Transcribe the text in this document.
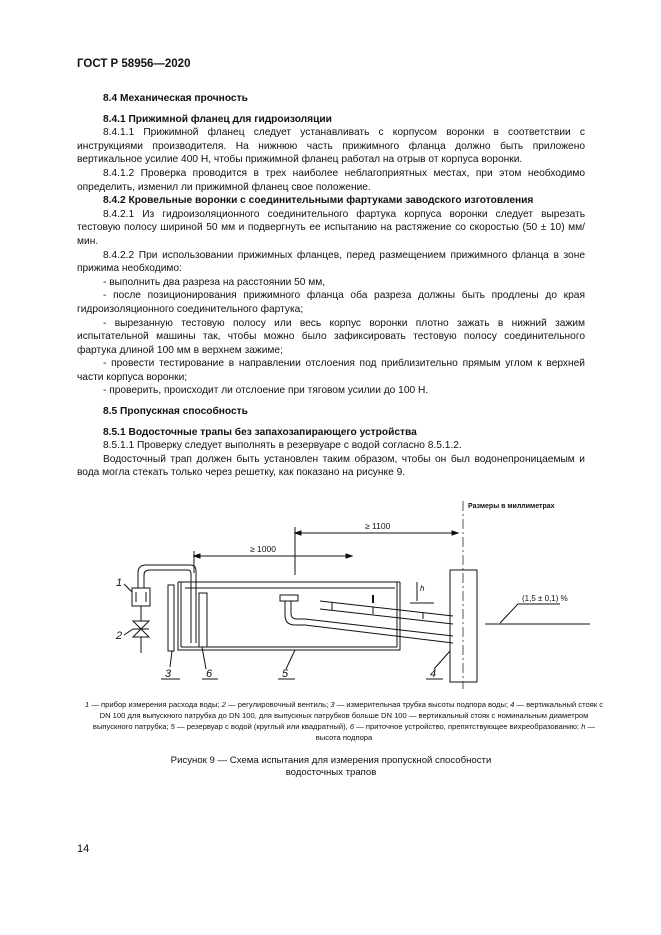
ГОСТ Р 58956—2020

8.4 Механическая прочность

8.4.1 Прижимной фланец для гидроизоляции

8.4.1.1 Прижимной фланец следует устанавливать с корпусом воронки в соответствии с инструкциями производителя. На нижнюю часть прижимного фланца должно быть приложено вертикальное усилие 400 Н, чтобы прижимной фланец работал на отрыв от корпуса воронки.

8.4.1.2 Проверка проводится в трех наиболее неблагоприятных местах, при этом необходимо определить, изменил ли прижимной фланец свое положение.

8.4.2 Кровельные воронки с соединительными фартуками заводского изготовления

8.4.2.1 Из гидроизоляционного соединительного фартука корпуса воронки следует вырезать тестовую полосу шириной 50 мм и подвергнуть ее испытанию на растяжение со скоростью (50 ± 10) мм/мин.

8.4.2.2 При использовании прижимных фланцев, перед размещением прижимного фланца в зоне прижима необходимо:

- выполнить два разреза на расстоянии 50 мм,

- после позиционирования прижимного фланца оба разреза должны быть продлены до края гидроизоляционного соединительного фартука;

- вырезанную тестовую полосу или весь корпус воронки плотно зажать в нижний зажим испытательной машины так, чтобы можно было зафиксировать тестовую полосу соединительного фартука длиной 100 мм в верхнем зажиме;

- провести тестирование в направлении отслоения под приблизительно прямым углом к верхней части корпуса воронки;

- проверить, происходит ли отслоение при тяговом усилии до 100 Н.

8.5 Пропускная способность

8.5.1 Водосточные трапы без запахозапирающего устройства

8.5.1.1 Проверку следует выполнять в резервуаре с водой согласно 8.5.1.2.

Водосточный трап должен быть установлен таким образом, чтобы он был водонепроницаемым и вода могла стекать только через решетку, как показано на рисунке 9.

Размеры в миллиметрах
≥ 1100
≥ 1000
(1,5 ± 0,1) %
h
1
2
3	6	5	4
1 — прибор измерения расхода воды; 2 — регулировочный вентиль; 3 — измерительная трубка высоты подпора воды; 4 — вертикальный стояк с DN 100 для выпускного патрубка до DN 100, для выпускных патрубков больше DN 100 — вертикальный стояк с номинальным диаметром выпускного патрубка; 5 — резервуар с водой (круглый или квадратный), 6 — приточное устройство, препятствующее вихреобразованию; h — высота подпора
Рисунок 9 — Схема испытания для измерения пропускной способности
водосточных трапов
14
